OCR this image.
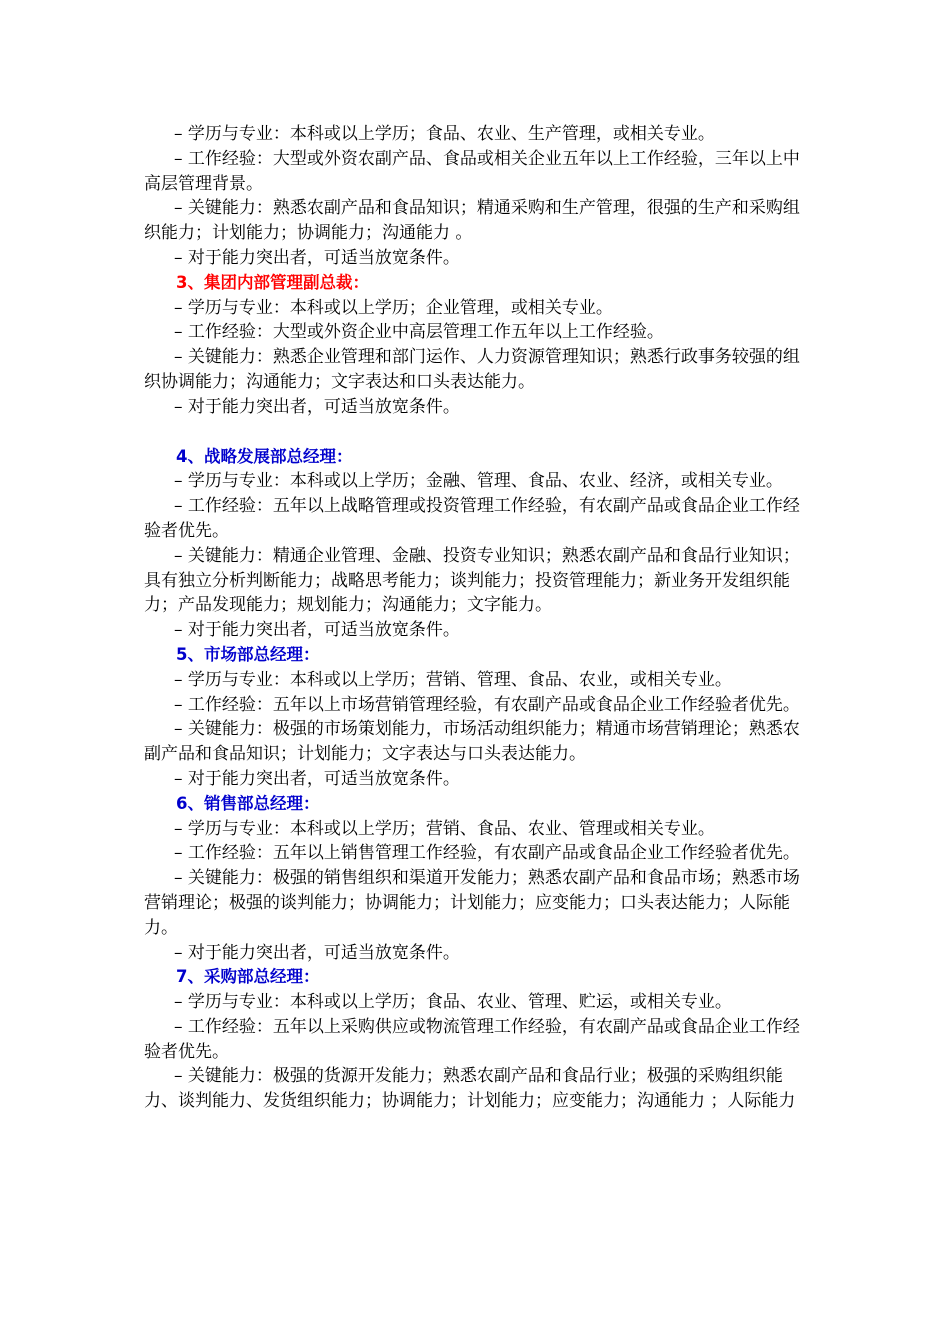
– 学历与专业：本科或以上学历；食品、农业、生产管理，或相关专业。

– 工作经验：大型或外资农副产品、食品或相关企业五年以上工作经验，三年以上中高层管理背景。

– 关键能力：熟悉农副产品和食品知识；精通采购和生产管理，很强的生产和采购组织能力；计划能力；协调能力；沟通能力 。

– 对于能力突出者，可适当放宽条件。

3、集团内部管理副总裁：

– 学历与专业：本科或以上学历；企业管理，或相关专业。

– 工作经验：大型或外资企业中高层管理工作五年以上工作经验。

– 关键能力：熟悉企业管理和部门运作、人力资源管理知识；熟悉行政事务较强的组织协调能力；沟通能力；文字表达和口头表达能力。

– 对于能力突出者，可适当放宽条件。

4、战略发展部总经理：

– 学历与专业：本科或以上学历；金融、管理、食品、农业、经济，或相关专业。

– 工作经验：五年以上战略管理或投资管理工作经验，有农副产品或食品企业工作经验者优先。

– 关键能力：精通企业管理、金融、投资专业知识；熟悉农副产品和食品行业知识；具有独立分析判断能力；战略思考能力；谈判能力；投资管理能力；新业务开发组织能力；产品发现能力；规划能力；沟通能力；文字能力。

– 对于能力突出者，可适当放宽条件。

5、市场部总经理：

– 学历与专业：本科或以上学历；营销、管理、食品、农业，或相关专业。

– 工作经验：五年以上市场营销管理经验，有农副产品或食品企业工作经验者优先。

– 关键能力：极强的市场策划能力，市场活动组织能力；精通市场营销理论；熟悉农副产品和食品知识；计划能力；文字表达与口头表达能力。

– 对于能力突出者，可适当放宽条件。

6、销售部总经理：

– 学历与专业：本科或以上学历；营销、食品、农业、管理或相关专业。

– 工作经验：五年以上销售管理工作经验，有农副产品或食品企业工作经验者优先。

– 关键能力：极强的销售组织和渠道开发能力；熟悉农副产品和食品市场；熟悉市场营销理论；极强的谈判能力；协调能力；计划能力；应变能力；口头表达能力；人际能力。

– 对于能力突出者，可适当放宽条件。

7、采购部总经理：

– 学历与专业：本科或以上学历；食品、农业、管理、贮运，或相关专业。

– 工作经验：五年以上采购供应或物流管理工作经验，有农副产品或食品企业工作经验者优先。

– 关键能力：极强的货源开发能力；熟悉农副产品和食品行业；极强的采购组织能力、谈判能力、发货组织能力；协调能力；计划能力；应变能力；沟通能力 ；人际能力
